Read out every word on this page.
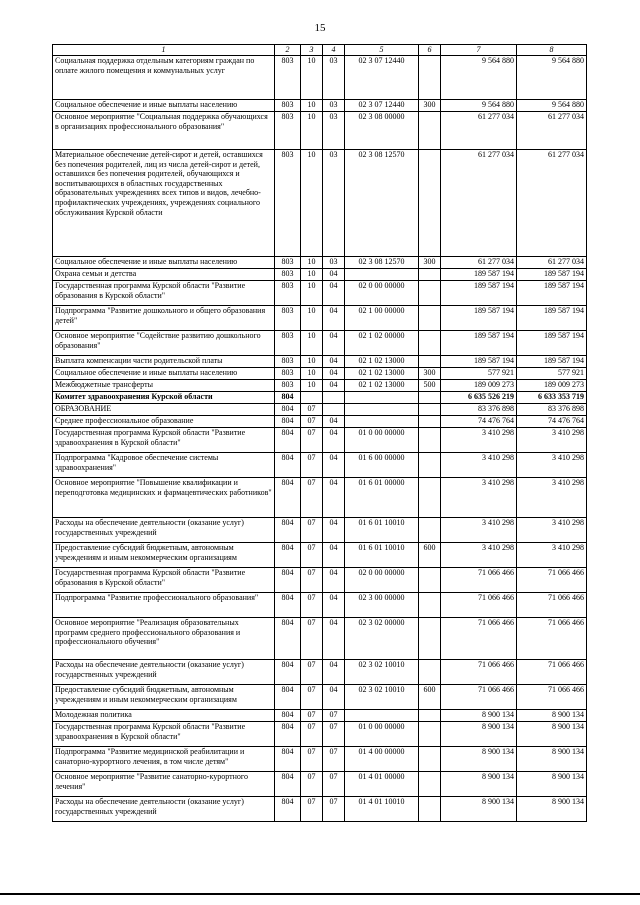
15
1	2	3	4	5	6	7	8
Социальная поддержка отдельным категориям граждан по оплате жилого помещения и коммунальных услуг	803	10	03	02 3 07 12440		9 564 880	9 564 880
Социальное обеспечение и иные выплаты населению	803	10	03	02 3 07 12440	300	9 564 880	9 564 880
Основное мероприятие "Социальная поддержка обучающихся в организациях профессионального образования"	803	10	03	02 3 08 00000		61 277 034	61 277 034
Материальное обеспечение детей-сирот и детей, оставшихся без попечения родителей, лиц из числа детей-сирот и детей, оставшихся без попечения родителей, обучающихся и воспитывающихся в областных государственных образовательных учреждениях всех типов и видов, лечебно-профилактических учреждениях, учреждениях социального обслуживания Курской области	803	10	03	02 3 08 12570		61 277 034	61 277 034
Социальное обеспечение и иные выплаты населению	803	10	03	02 3 08 12570	300	61 277 034	61 277 034
Охрана семьи и детства	803	10	04			189 587 194	189 587 194
Государственная программа Курской области "Развитие образования в Курской области"	803	10	04	02 0 00 00000		189 587 194	189 587 194
Подпрограмма "Развитие дошкольного и общего образования детей"	803	10	04	02 1 00 00000		189 587 194	189 587 194
Основное мероприятие "Содействие развитию дошкольного образования"	803	10	04	02 1 02 00000		189 587 194	189 587 194
Выплата компенсации части родительской платы	803	10	04	02 1 02 13000		189 587 194	189 587 194
Социальное обеспечение и иные выплаты населению	803	10	04	02 1 02 13000	300	577 921	577 921
Межбюджетные трансферты	803	10	04	02 1 02 13000	500	189 009 273	189 009 273
Комитет здравоохранения Курской области	804					6 635 526 219	6 633 353 719
ОБРАЗОВАНИЕ	804	07				83 376 898	83 376 898
Среднее профессиональное образование	804	07	04			74 476 764	74 476 764
Государственная программа Курской области "Развитие здравоохранения в Курской области"	804	07	04	01 0 00 00000		3 410 298	3 410 298
Подпрограмма "Кадровое обеспечение системы здравоохранения"	804	07	04	01 6 00 00000		3 410 298	3 410 298
Основное мероприятие "Повышение квалификации и переподготовка медицинских и фармацевтических работников"	804	07	04	01 6 01 00000		3 410 298	3 410 298
Расходы на обеспечение деятельности (оказание услуг) государственных учреждений	804	07	04	01 6 01 10010		3 410 298	3 410 298
Предоставление субсидий бюджетным, автономным учреждениям и иным некоммерческим организациям	804	07	04	01 6 01 10010	600	3 410 298	3 410 298
Государственная программа Курской области "Развитие образования в Курской области"	804	07	04	02 0 00 00000		71 066 466	71 066 466
Подпрограмма "Развитие профессионального образования"	804	07	04	02 3 00 00000		71 066 466	71 066 466
Основное мероприятие "Реализация образовательных программ среднего профессионального образования и профессионального обучения"	804	07	04	02 3 02 00000		71 066 466	71 066 466
Расходы на обеспечение деятельности (оказание услуг) государственных учреждений	804	07	04	02 3 02 10010		71 066 466	71 066 466
Предоставление субсидий бюджетным, автономным учреждениям и иным некоммерческим организациям	804	07	04	02 3 02 10010	600	71 066 466	71 066 466
Молодежная политика	804	07	07			8 900 134	8 900 134
Государственная программа Курской области "Развитие здравоохранения в Курской области"	804	07	07	01 0 00 00000		8 900 134	8 900 134
Подпрограмма "Развитие медицинской реабилитации и санаторно-курортного лечения, в том числе детям"	804	07	07	01 4 00 00000		8 900 134	8 900 134
Основное мероприятие "Развитие санаторно-курортного лечения"	804	07	07	01 4 01 00000		8 900 134	8 900 134
Расходы на обеспечение деятельности (оказание услуг) государственных учреждений	804	07	07	01 4 01 10010		8 900 134	8 900 134
